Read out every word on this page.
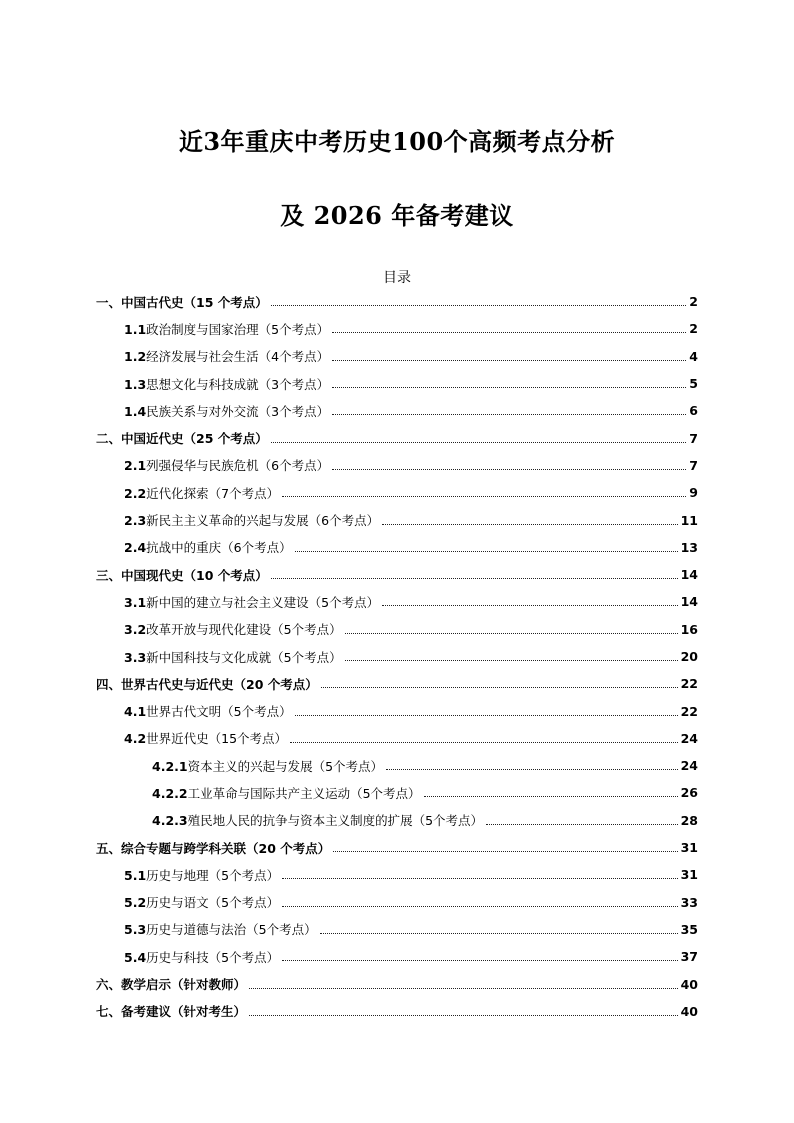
近3年重庆中考历史100个高频考点分析
及 2026 年备考建议
目录
一、中国古代史（15 个考点）	2
1.1政治制度与国家治理（5个考点）	2
1.2经济发展与社会生活（4个考点）	4
1.3思想文化与科技成就（3个考点）	5
1.4民族关系与对外交流（3个考点）	6
二、中国近代史（25 个考点）	7
2.1列强侵华与民族危机（6个考点）	7
2.2近代化探索（7个考点）	9
2.3新民主主义革命的兴起与发展（6个考点）	11
2.4抗战中的重庆（6个考点）	13
三、中国现代史（10 个考点）	14
3.1新中国的建立与社会主义建设（5个考点）	14
3.2改革开放与现代化建设（5个考点）	16
3.3新中国科技与文化成就（5个考点）	20
四、世界古代史与近代史（20 个考点）	22
4.1世界古代文明（5个考点）	22
4.2世界近代史（15个考点）	24
4.2.1资本主义的兴起与发展（5个考点）	24
4.2.2工业革命与国际共产主义运动（5个考点）	26
4.2.3殖民地人民的抗争与资本主义制度的扩展（5个考点）	28
五、综合专题与跨学科关联（20 个考点）	31
5.1历史与地理（5个考点）	31
5.2历史与语文（5个考点）	33
5.3历史与道德与法治（5个考点）	35
5.4历史与科技（5个考点）	37
六、教学启示（针对教师）	40
七、备考建议（针对考生）	40
